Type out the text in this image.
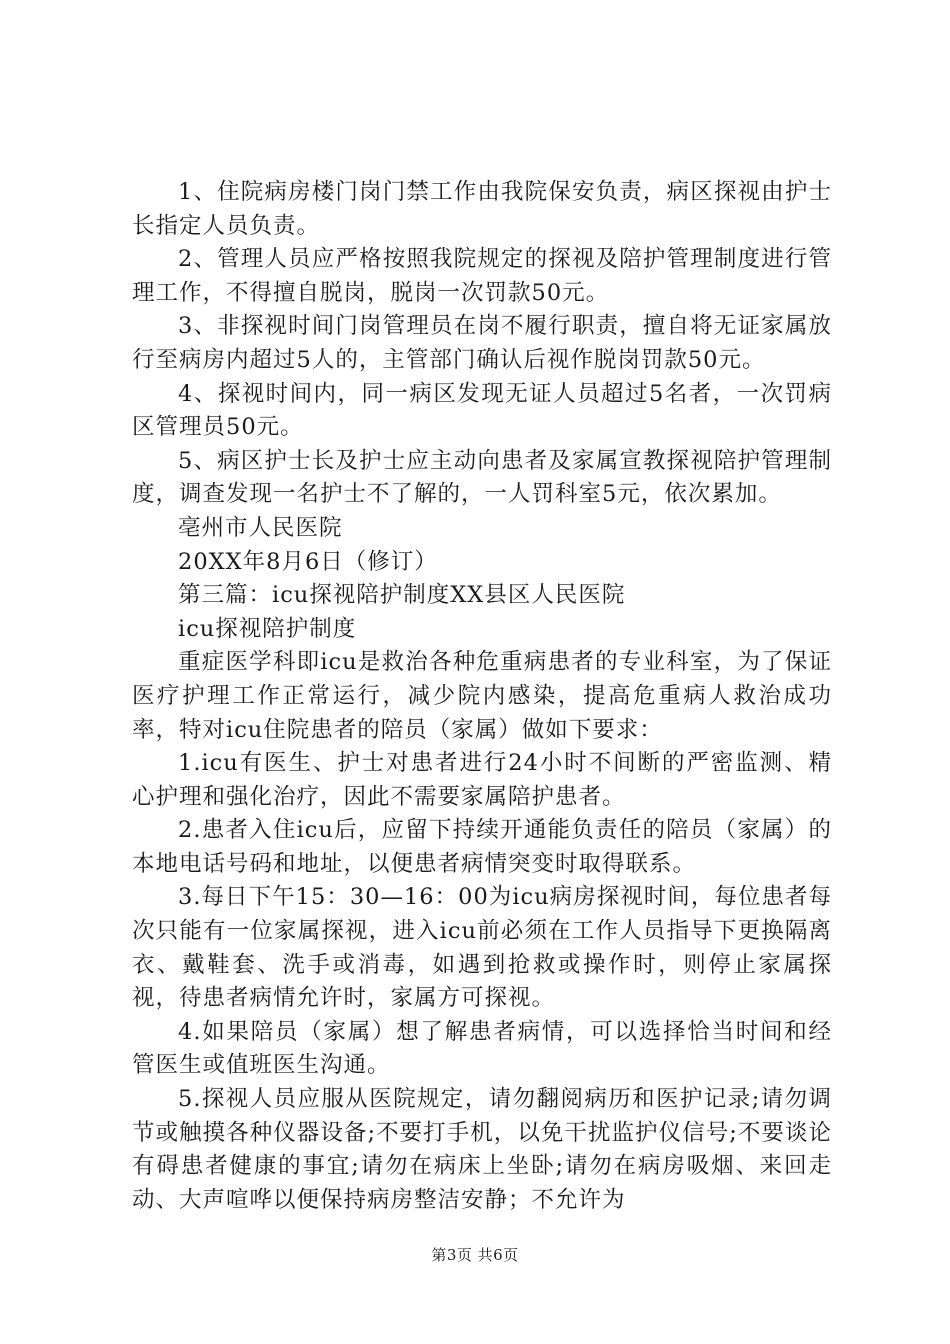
1、住院病房楼门岗门禁工作由我院保安负责，病区探视由护士长指定人员负责。

2、管理人员应严格按照我院规定的探视及陪护管理制度进行管理工作，不得擅自脱岗，脱岗一次罚款50元。

3、非探视时间门岗管理员在岗不履行职责，擅自将无证家属放行至病房内超过5人的，主管部门确认后视作脱岗罚款50元。

4、探视时间内，同一病区发现无证人员超过5名者，一次罚病区管理员50元。

5、病区护士长及护士应主动向患者及家属宣教探视陪护管理制度，调查发现一名护士不了解的，一人罚科室5元，依次累加。

亳州市人民医院

20XX年8月6日（修订）

第三篇：icu探视陪护制度XX县区人民医院

icu探视陪护制度

重症医学科即icu是救治各种危重病患者的专业科室，为了保证医疗护理工作正常运行，减少院内感染，提高危重病人救治成功率，特对icu住院患者的陪员（家属）做如下要求：

1.icu有医生、护士对患者进行24小时不间断的严密监测、精心护理和强化治疗，因此不需要家属陪护患者。

2.患者入住icu后，应留下持续开通能负责任的陪员（家属）的本地电话号码和地址，以便患者病情突变时取得联系。

3.每日下午15：30—16：00为icu病房探视时间，每位患者每次只能有一位家属探视，进入icu前必须在工作人员指导下更换隔离衣、戴鞋套、洗手或消毒，如遇到抢救或操作时，则停止家属探视，待患者病情允许时，家属方可探视。

4.如果陪员（家属）想了解患者病情，可以选择恰当时间和经管医生或值班医生沟通。

5.探视人员应服从医院规定，请勿翻阅病历和医护记录;请勿调节或触摸各种仪器设备;不要打手机，以免干扰监护仪信号;不要谈论有碍患者健康的事宜;请勿在病床上坐卧;请勿在病房吸烟、来回走动、大声喧哗以便保持病房整洁安静；不允许为

第3页 共6页
